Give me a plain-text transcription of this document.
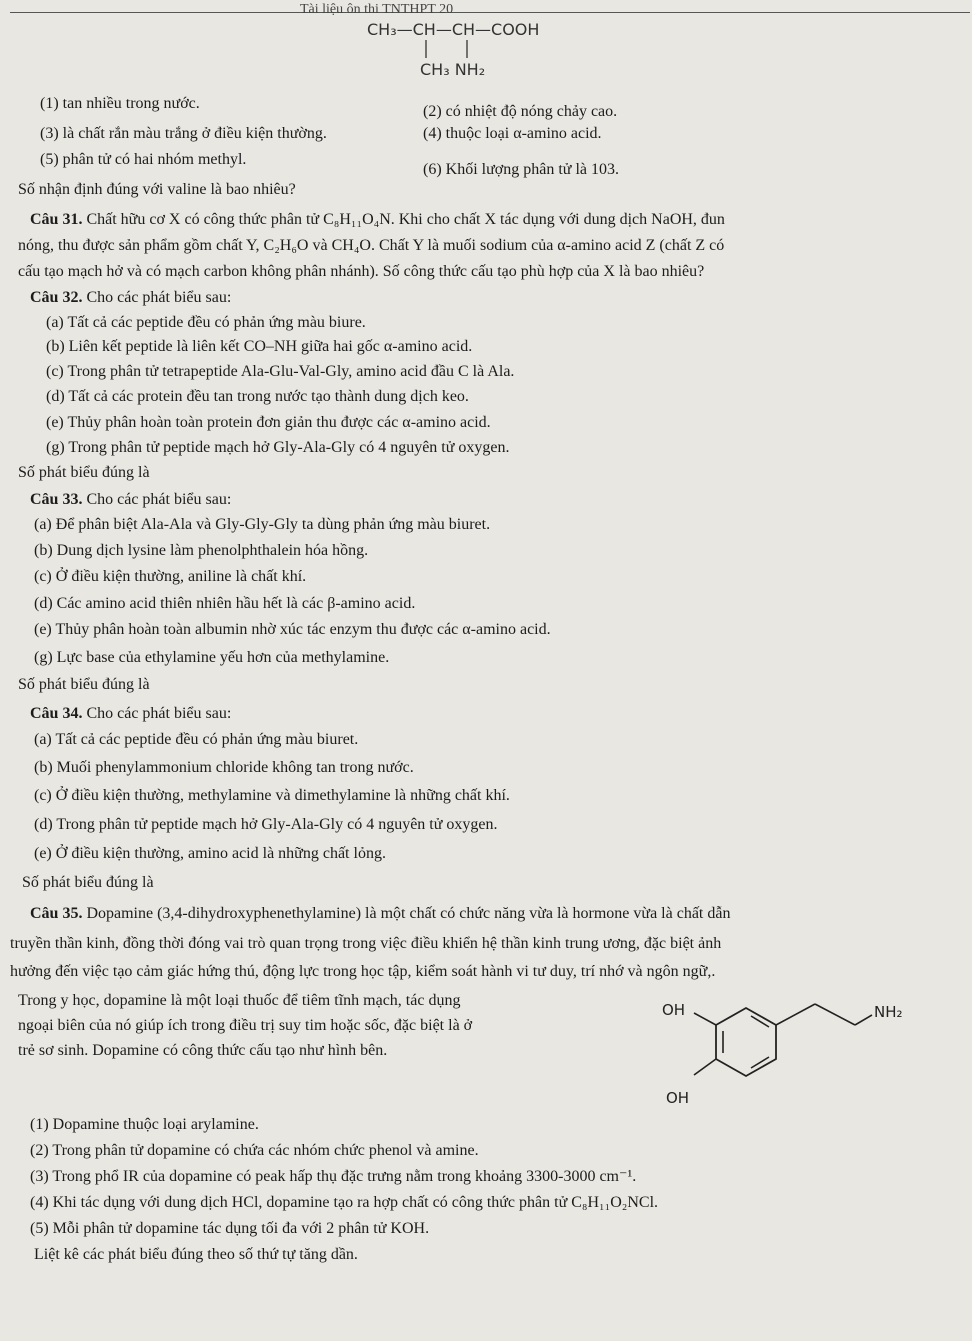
Tài liệu ôn thi TNTHPT 20
CH₃—CH—CH—COOH
CH₃ NH₂
(1) tan nhiều trong nước.	(2) có nhiệt độ nóng chảy cao.
(3) là chất rắn màu trắng ở điều kiện thường.	(4) thuộc loại α-amino acid.
(5) phân tử có hai nhóm methyl.
(6) Khối lượng phân tử là 103.
Số nhận định đúng với valine là bao nhiêu?
Câu 31. Chất hữu cơ X có công thức phân tử C₈H₁₁O₄N. Khi cho chất X tác dụng với dung dịch NaOH, đun
nóng, thu được sản phẩm gồm chất Y, C₂H₆O và CH₄O. Chất Y là muối sodium của α-amino acid Z (chất Z có
cấu tạo mạch hở và có mạch carbon không phân nhánh). Số công thức cấu tạo phù hợp của X là bao nhiêu?
Câu 32. Cho các phát biểu sau:
(a) Tất cả các peptide đều có phản ứng màu biure.
(b) Liên kết peptide là liên kết CO–NH giữa hai gốc α-amino acid.
(c) Trong phân tử tetrapeptide Ala-Glu-Val-Gly, amino acid đầu C là Ala.
(d) Tất cả các protein đều tan trong nước tạo thành dung dịch keo.
(e) Thủy phân hoàn toàn protein đơn giản thu được các α-amino acid.
(g) Trong phân tử peptide mạch hở Gly-Ala-Gly có 4 nguyên tử oxygen.
Số phát biểu đúng là
Câu 33. Cho các phát biểu sau:
(a) Để phân biệt Ala-Ala và Gly-Gly-Gly ta dùng phản ứng màu biuret.
(b) Dung dịch lysine làm phenolphthalein hóa hồng.
(c) Ở điều kiện thường, aniline là chất khí.
(d) Các amino acid thiên nhiên hầu hết là các β-amino acid.
(e) Thủy phân hoàn toàn albumin nhờ xúc tác enzym thu được các α-amino acid.
(g) Lực base của ethylamine yếu hơn của methylamine.
Số phát biểu đúng là
Câu 34. Cho các phát biểu sau:
(a) Tất cả các peptide đều có phản ứng màu biuret.
(b) Muối phenylammonium chloride không tan trong nước.
(c) Ở điều kiện thường, methylamine và dimethylamine là những chất khí.
(d) Trong phân tử peptide mạch hở Gly-Ala-Gly có 4 nguyên tử oxygen.
(e) Ở điều kiện thường, amino acid là những chất lỏng.
Số phát biểu đúng là
Câu 35. Dopamine (3,4-dihydroxyphenethylamine) là một chất có chức năng vừa là hormone vừa là chất dẫn
truyền thần kinh, đồng thời đóng vai trò quan trọng trong việc điều khiển hệ thần kinh trung ương, đặc biệt ảnh
hưởng đến việc tạo cảm giác hứng thú, động lực trong học tập, kiểm soát hành vi tư duy, trí nhớ và ngôn ngữ,.
Trong y học, dopamine là một loại thuốc để tiêm tĩnh mạch, tác dụng
ngoại biên của nó giúp ích trong điều trị suy tim hoặc sốc, đặc biệt là ở
trẻ sơ sinh. Dopamine có công thức cấu tạo như hình bên.
OH
OH
NH₂
(1) Dopamine thuộc loại arylamine.
(2) Trong phân tử dopamine có chứa các nhóm chức phenol và amine.
(3) Trong phổ IR của dopamine có peak hấp thụ đặc trưng nằm trong khoảng 3300-3000 cm⁻¹.
(4) Khi tác dụng với dung dịch HCl, dopamine tạo ra hợp chất có công thức phân tử C₈H₁₁O₂NCl.
(5) Mỗi phân tử dopamine tác dụng tối đa với 2 phân tử KOH.
Liệt kê các phát biểu đúng theo số thứ tự tăng dần.
